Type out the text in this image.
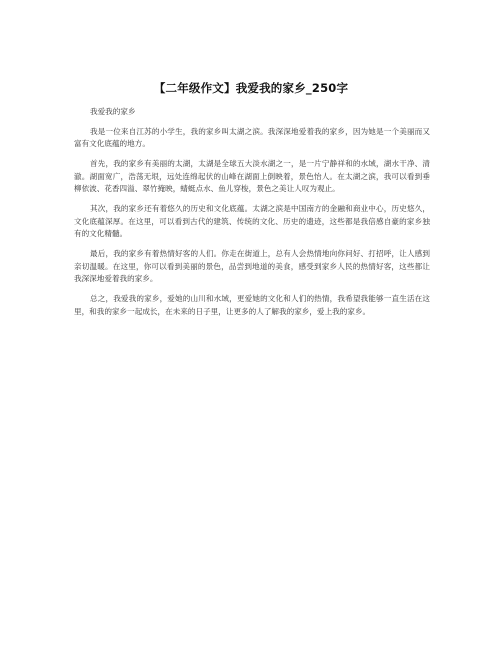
【二年级作文】我爱我的家乡_250字

我爱我的家乡

我是一位来自江苏的小学生，我的家乡叫太湖之滨。我深深地爱着我的家乡，因为她是一个美丽而又富有文化底蕴的地方。

首先，我的家乡有美丽的太湖，太湖是全球五大淡水湖之一，是一片宁静祥和的水域，湖水干净、清澈。湖面宽广，浩荡无垠，远处连绵起伏的山峰在湖面上倒映着，景色怡人。在太湖之滨，我可以看到垂柳依波、花香四溢、翠竹掩映，蜻蜓点水、鱼儿穿梭，景色之美让人叹为观止。

其次，我的家乡还有着悠久的历史和文化底蕴。太湖之滨是中国南方的金融和商业中心，历史悠久，文化底蕴深厚。在这里，可以看到古代的建筑、传统的文化、历史的遗迹，这些都是我倍感自豪的家乡独有的文化精髓。

最后，我的家乡有着热情好客的人们。你走在街道上，总有人会热情地向你问好、打招呼，让人感到亲切温暖。在这里，你可以看到美丽的景色，品尝到地道的美食，感受到家乡人民的热情好客，这些都让我深深地爱着我的家乡。

总之，我爱我的家乡，爱她的山川和水域，更爱她的文化和人们的热情，我希望我能够一直生活在这里，和我的家乡一起成长，在未来的日子里，让更多的人了解我的家乡，爱上我的家乡。
